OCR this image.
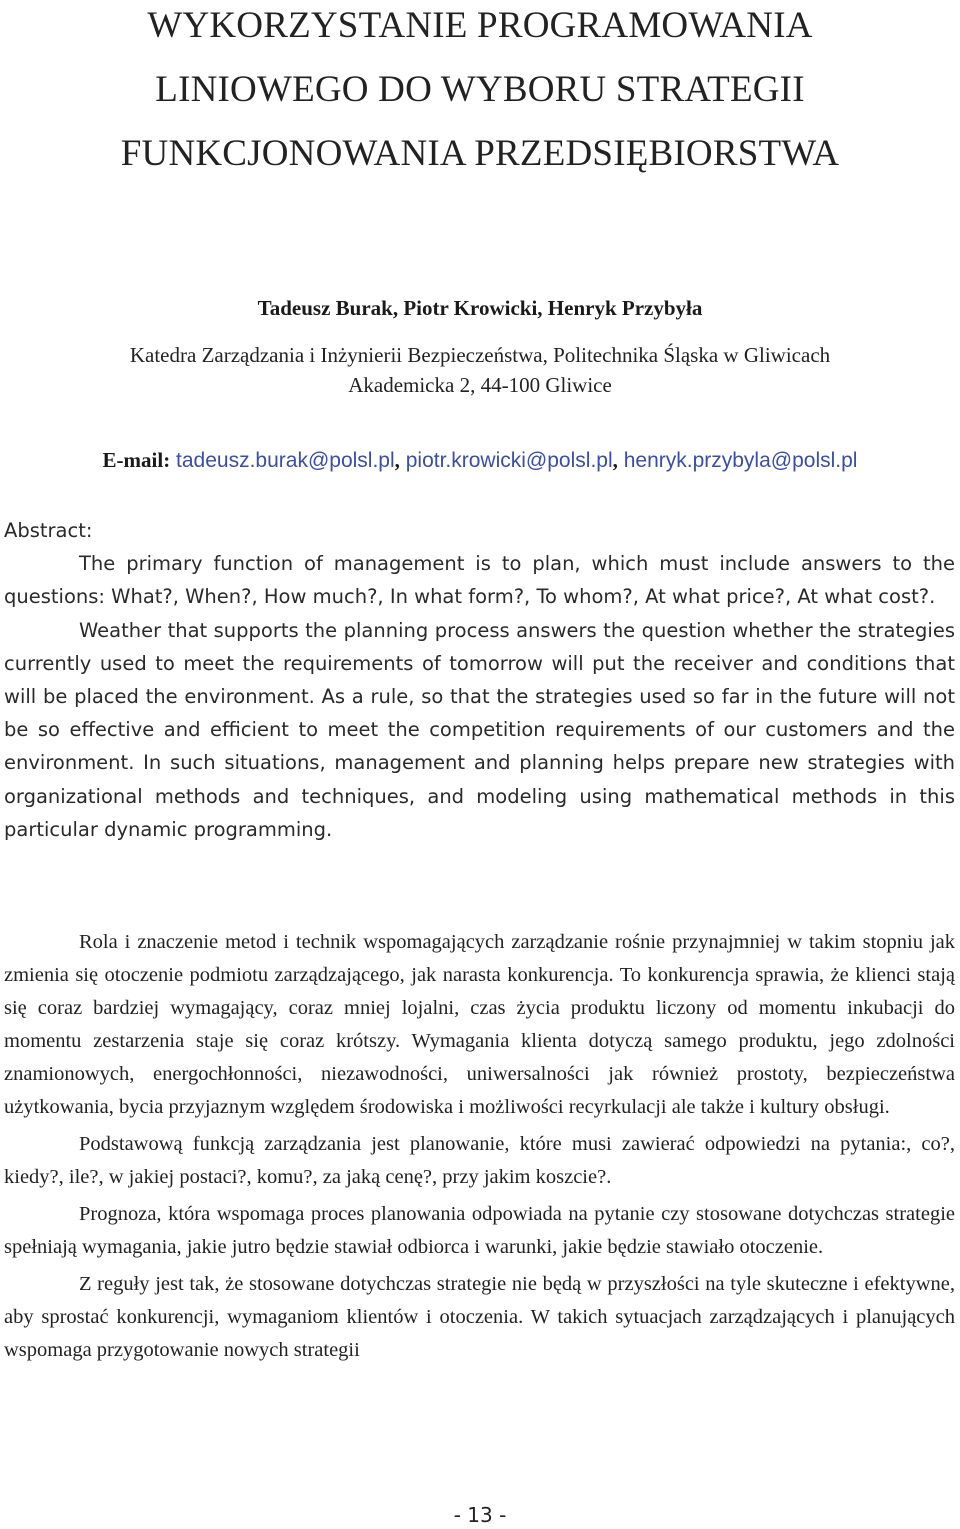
WYKORZYSTANIE PROGRAMOWANIA
LINIOWEGO DO WYBORU STRATEGII
FUNKCJONOWANIA PRZEDSIĘBIORSTWA

Tadeusz Burak, Piotr Krowicki, Henryk Przybyła

Katedra Zarządzania i Inżynierii Bezpieczeństwa, Politechnika Śląska w Gliwicach
Akademicka 2, 44-100 Gliwice

E-mail: tadeusz.burak@polsl.pl, piotr.krowicki@polsl.pl, henryk.przybyla@polsl.pl

Abstract:

The primary function of management is to plan, which must include answers to the questions: What?, When?, How much?, In what form?, To whom?, At what price?, At what cost?.

Weather that supports the planning process answers the question whether the strategies currently used to meet the requirements of tomorrow will put the receiver and conditions that will be placed the environment. As a rule, so that the strategies used so far in the future will not be so effective and efficient to meet the competition requirements of our customers and the environment. In such situations, management and planning helps prepare new strategies with organizational methods and techniques, and modeling using mathematical methods in this particular dynamic programming.

Rola i znaczenie metod i technik wspomagających zarządzanie rośnie przynajmniej w takim stopniu jak zmienia się otoczenie podmiotu zarządzającego, jak narasta konkurencja. To konkurencja sprawia, że klienci stają się coraz bardziej wymagający, coraz mniej lojalni, czas życia produktu liczony od momentu inkubacji do momentu zestarzenia staje się coraz krótszy. Wymagania klienta dotyczą samego produktu, jego zdolności znamionowych, energochłonności, niezawodności, uniwersalności jak również prostoty, bezpieczeństwa użytkowania, bycia przyjaznym względem środowiska i możliwości recyrkulacji ale także i kultury obsługi.

Podstawową funkcją zarządzania jest planowanie, które musi zawierać odpowiedzi na pytania:, co?, kiedy?, ile?, w jakiej postaci?, komu?, za jaką cenę?, przy jakim koszcie?.

Prognoza, która wspomaga proces planowania odpowiada na pytanie czy stosowane dotychczas strategie spełniają wymagania, jakie jutro będzie stawiał odbiorca i warunki, jakie będzie stawiało otoczenie.

Z reguły jest tak, że stosowane dotychczas strategie nie będą w przyszłości na tyle skuteczne i efektywne, aby sprostać konkurencji, wymaganiom klientów i otoczenia. W takich sytuacjach zarządzających i planujących wspomaga przygotowanie nowych strategii

- 13 -
